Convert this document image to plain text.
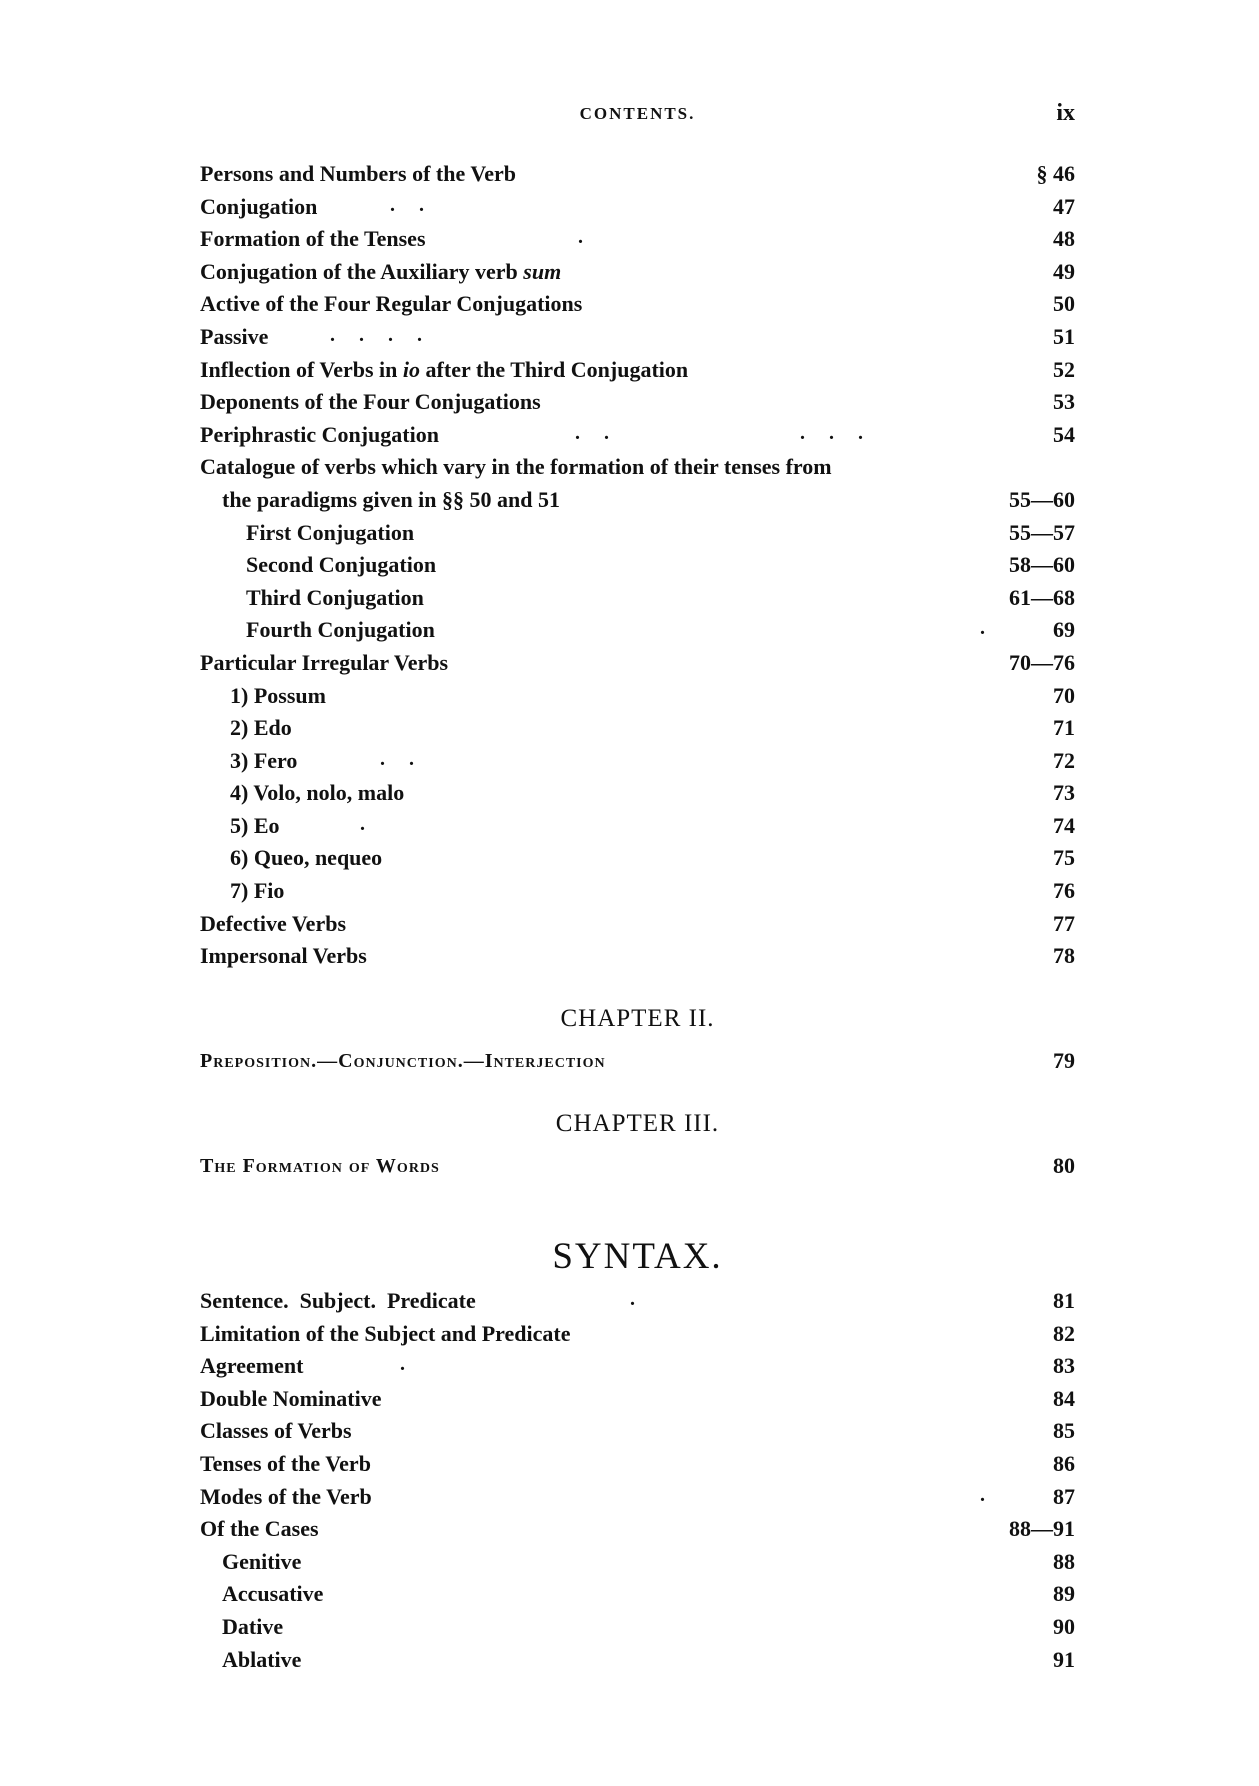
CONTENTS.	ix
Persons and Numbers of the Verb	§ 46
Conjugation	..	47
Formation of the Tenses	.	48
Conjugation of the Auxiliary verb sum	49
Active of the Four Regular Conjugations	50
Passive	....	51
Inflection of Verbs in io after the Third Conjugation	52
Deponents of the Four Conjugations	53
Periphrastic Conjugation	..	...	54
Catalogue of verbs which vary in the formation of their tenses from
the paradigms given in §§ 50 and 51	55—60
First Conjugation	55—57
Second Conjugation	58—60
Third Conjugation	61—68
Fourth Conjugation	. 69
Particular Irregular Verbs	70—76
1) Possum	70
2) Edo	71
3) Fero	..	72
4) Volo, nolo, malo	73
5) Eo	.	74
6) Queo, nequeo	75
7) Fio	76
Defective Verbs	77
Impersonal Verbs	78
CHAPTER II.
Preposition.—Conjunction.—Interjection	79
CHAPTER III.
The Formation of Words	80
SYNTAX.
Sentence.  Subject.  Predicate	.	81
Limitation of the Subject and Predicate	82
Agreement	.	83
Double Nominative	84
Classes of Verbs	85
Tenses of the Verb	86
Modes of the Verb	. 87
Of the Cases	88—91
Genitive	88
Accusative	89
Dative	90
Ablative	91
